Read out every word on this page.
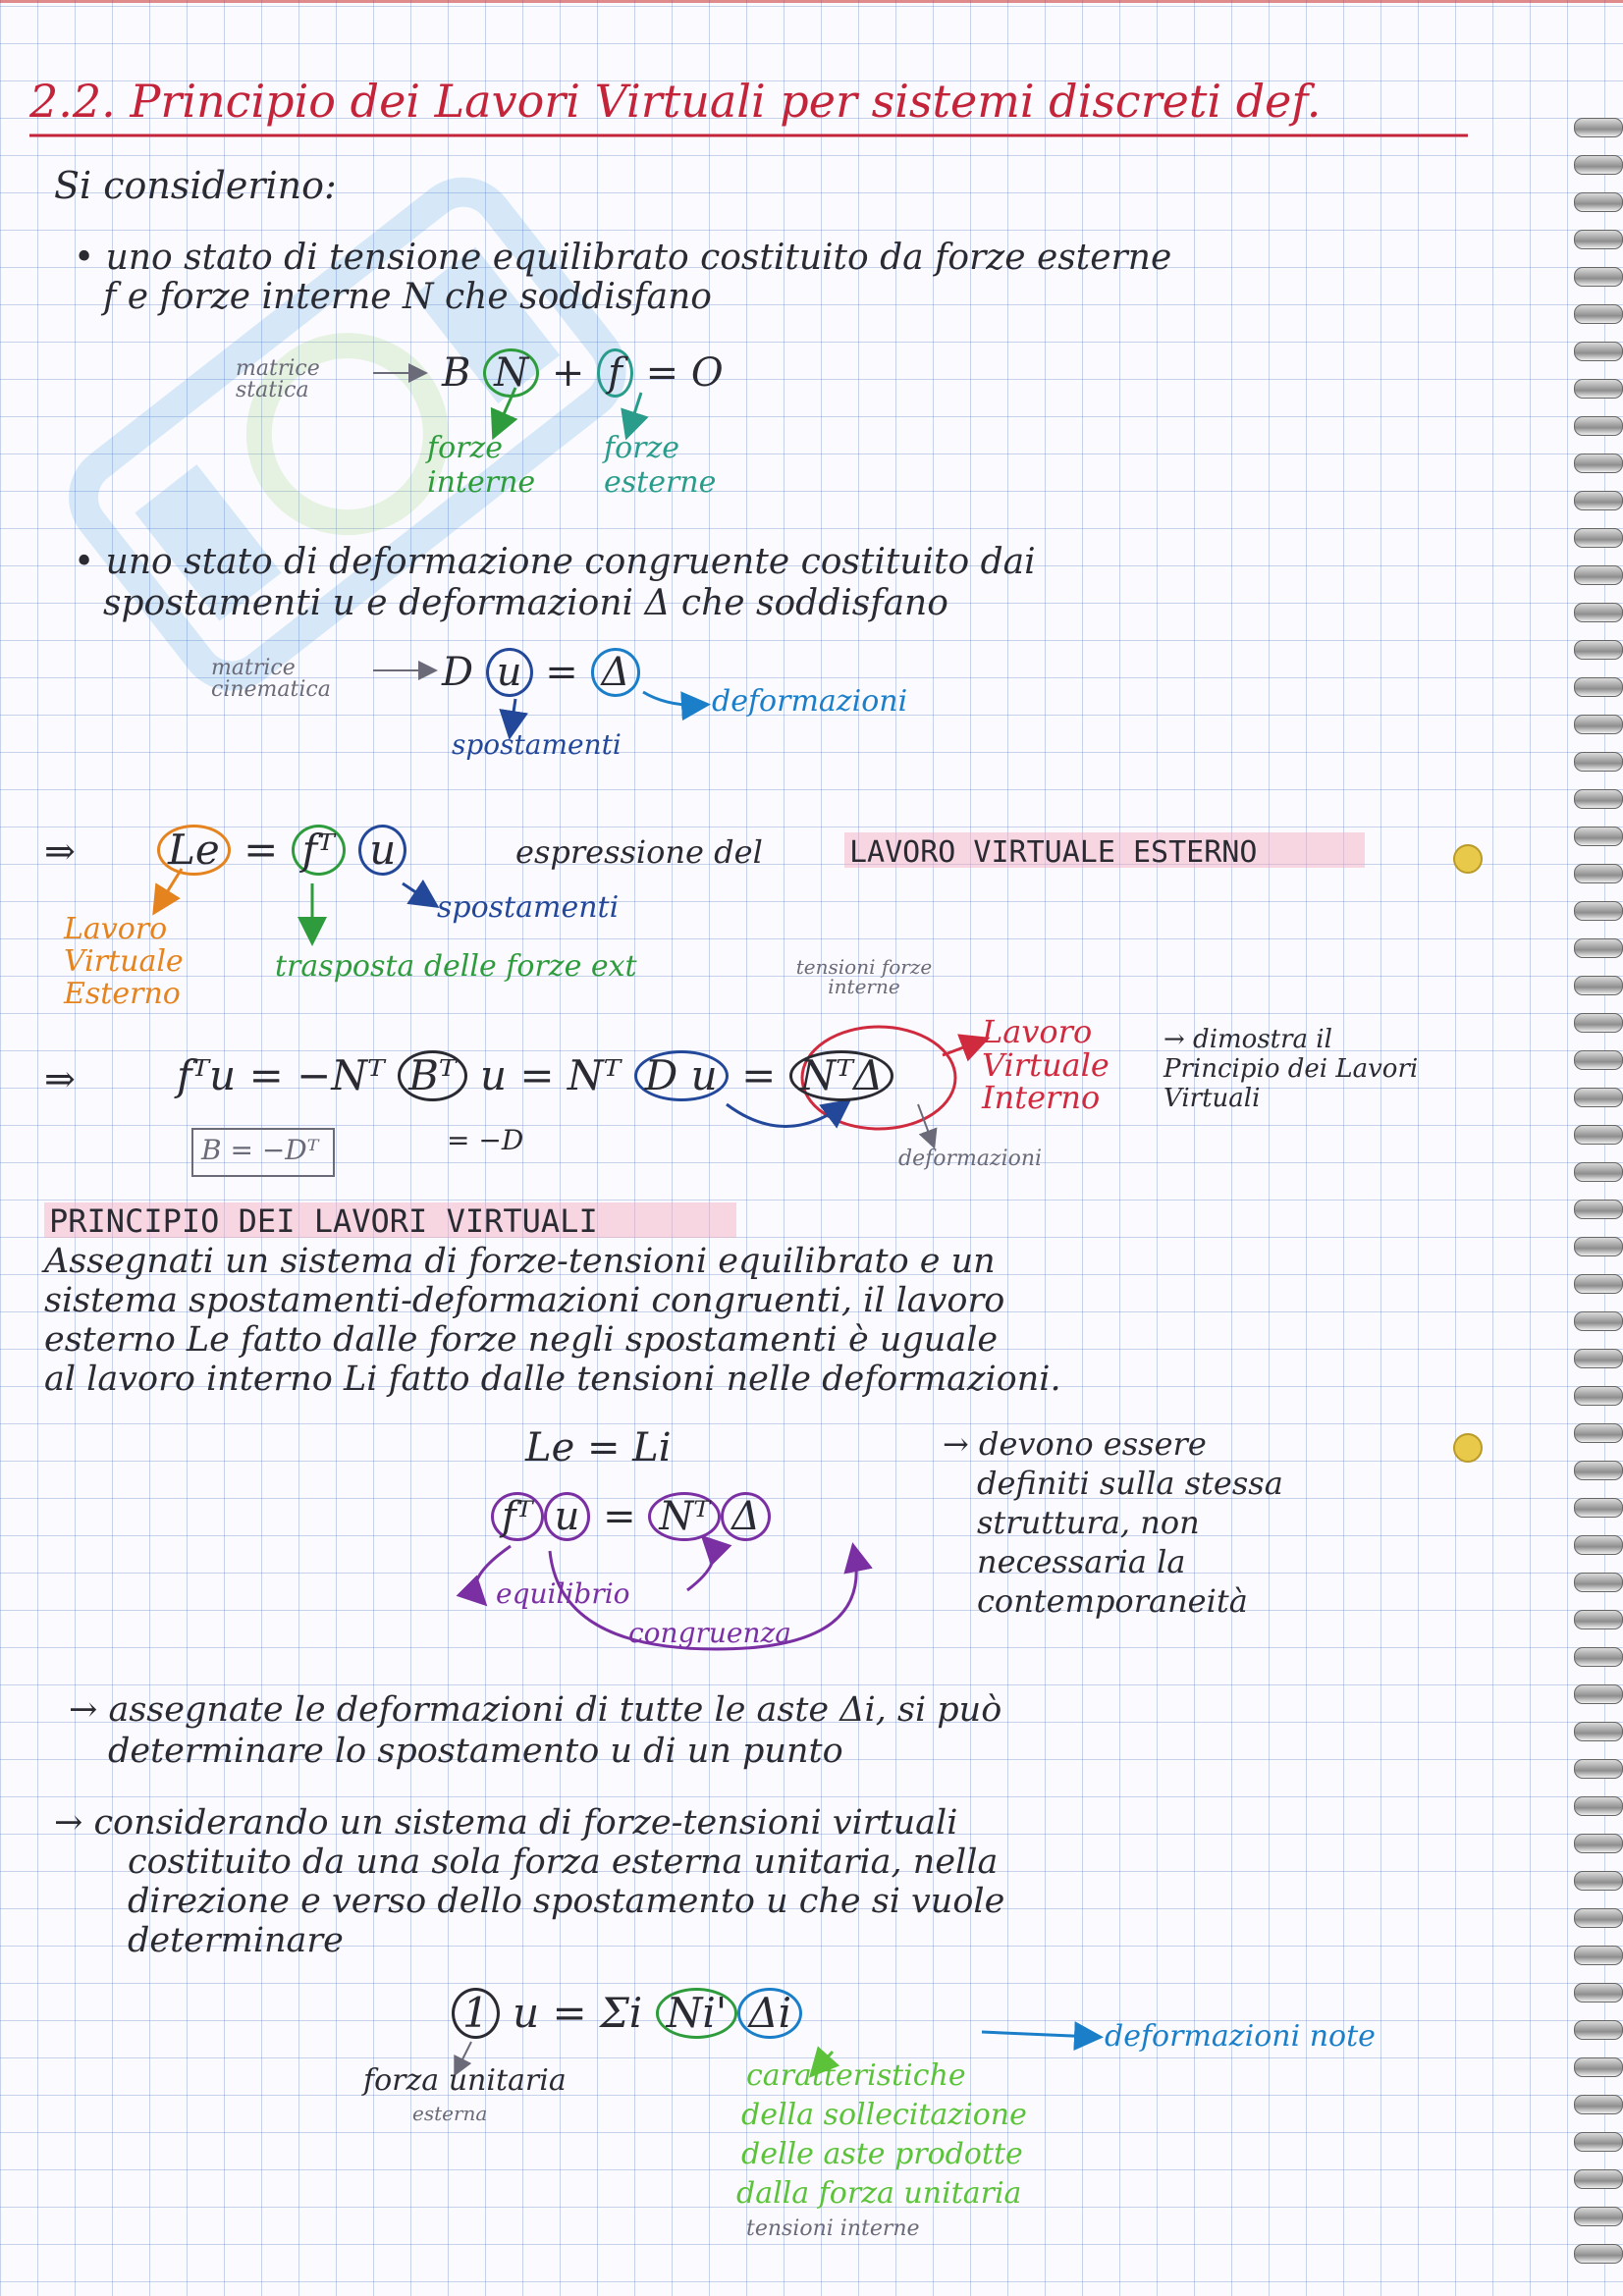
2.2. Principio dei Lavori Virtuali per sistemi discreti def.
Si considerino:
• uno stato di tensione equilibrato costituito da forze esterne
f e forze interne N che soddisfano
matrice statica	B N + f = O
forze interne
forze esterne
• uno stato di deformazione congruente costituito dai
spostamenti u e deformazioni Δ che soddisfano
matrice cinematica	D u = Δ
deformazioni
spostamenti
⇒ Le = fᵀ u	espressione del	LAVORO VIRTUALE ESTERNO
spostamenti
Lavoro Virtuale Esterno
trasposta delle forze ext
⇒ fᵀu = −Nᵀ Bᵀ u = Nᵀ D u = NᵀΔ
tensioni forze interne
Lavoro Virtuale Interno
→ dimostra il Principio dei Lavori Virtuali
B = −Dᵀ	= −D
deformazioni
PRINCIPIO DEI LAVORI VIRTUALI
Assegnati un sistema di forze-tensioni equilibrato e un
sistema spostamenti-deformazioni congruenti, il lavoro
esterno Le fatto dalle forze negli spostamenti è uguale
al lavoro interno Li fatto dalle tensioni nelle deformazioni.
Le = Li
fᵀ u = Nᵀ Δ
equilibrio
congruenza
→ devono essere
definiti sulla stessa
struttura, non
necessaria la
contemporaneità
→ assegnate le deformazioni di tutte le aste Δi, si può
determinare lo spostamento u di un punto
→ considerando un sistema di forze-tensioni virtuali
costituito da una sola forza esterna unitaria, nella
direzione e verso dello spostamento u che si vuole
determinare
1 u = Σi Ni' Δi	deformazioni note
forza unitaria
esterna
caratteristiche
della sollecitazione
delle aste prodotte
dalla forza unitaria
tensioni interne
